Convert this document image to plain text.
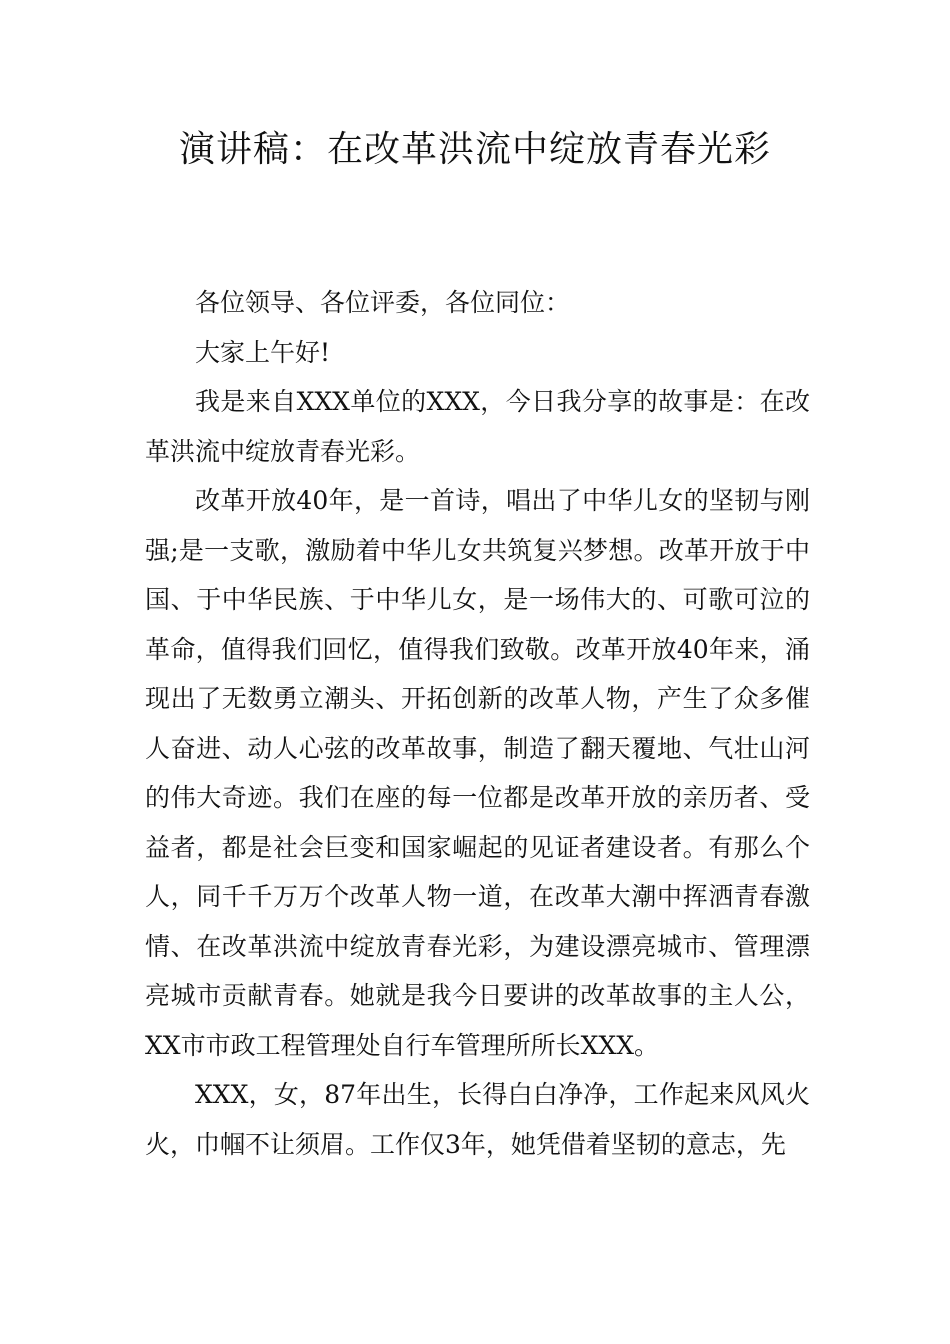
演讲稿：在改革洪流中绽放青春光彩

各位领导、各位评委，各位同位：

大家上午好!

我是来自XXX单位的XXX，今日我分享的故事是：在改革洪流中绽放青春光彩。

改革开放40年，是一首诗，唱出了中华儿女的坚韧与刚强;是一支歌，激励着中华儿女共筑复兴梦想。改革开放于中国、于中华民族、于中华儿女，是一场伟大的、可歌可泣的革命，值得我们回忆，值得我们致敬。改革开放40年来，涌现出了无数勇立潮头、开拓创新的改革人物，产生了众多催人奋进、动人心弦的改革故事，制造了翻天覆地、气壮山河的伟大奇迹。我们在座的每一位都是改革开放的亲历者、受益者，都是社会巨变和国家崛起的见证者建设者。有那么个人，同千千万万个改革人物一道，在改革大潮中挥洒青春激情、在改革洪流中绽放青春光彩，为建设漂亮城市、管理漂亮城市贡献青春。她就是我今日要讲的改革故事的主人公，XX市市政工程管理处自行车管理所所长XXX。

XXX，女，87年出生，长得白白净净，工作起来风风火火，巾帼不让须眉。工作仅3年，她凭借着坚韧的意志，先
